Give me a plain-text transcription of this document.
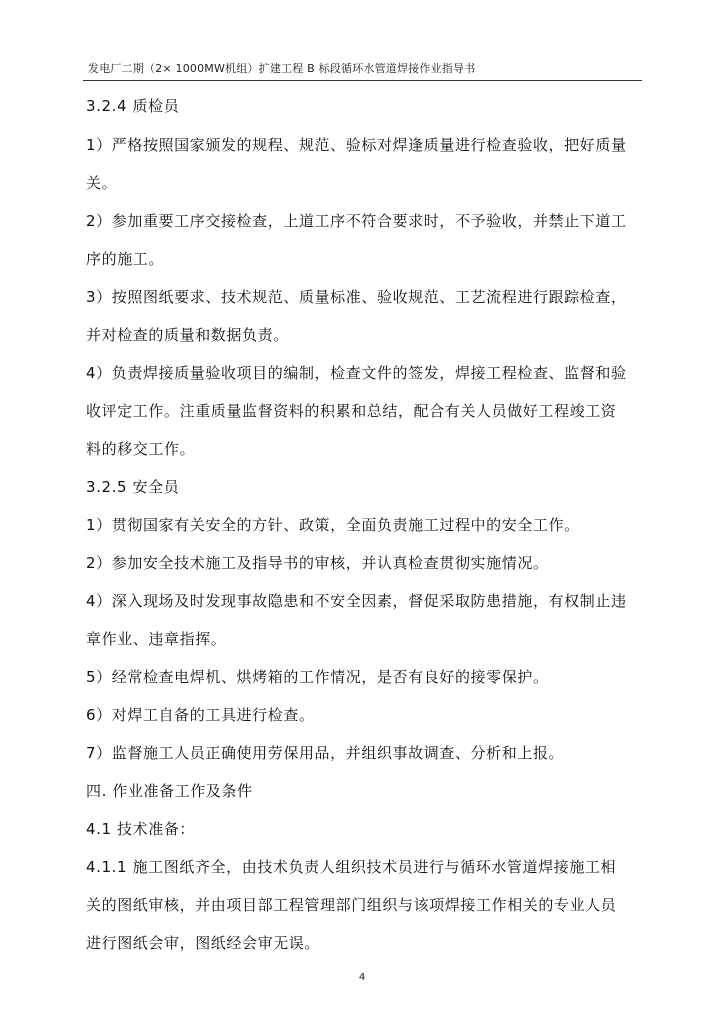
发电厂二期（2× 1000MW机组）扩建工程 B 标段循环水管道焊接作业指导书
3.2.4 质检员
1）严格按照国家颁发的规程、规范、验标对焊逢质量进行检查验收，把好质量
关。
2）参加重要工序交接检查，上道工序不符合要求时，不予验收，并禁止下道工
序的施工。
3）按照图纸要求、技术规范、质量标准、验收规范、工艺流程进行跟踪检查，
并对检查的质量和数据负责。
4）负责焊接质量验收项目的编制，检查文件的签发，焊接工程检查、监督和验
收评定工作。注重质量监督资料的积累和总结，配合有关人员做好工程竣工资
料的移交工作。
3.2.5 安全员
1）贯彻国家有关安全的方针、政策，全面负责施工过程中的安全工作。
2）参加安全技术施工及指导书的审核，并认真检查贯彻实施情况。
4）深入现场及时发现事故隐患和不安全因素，督促采取防患措施，有权制止违
章作业、违章指挥。
5）经常检查电焊机、烘烤箱的工作情况，是否有良好的接零保护。
6）对焊工自备的工具进行检查。
7）监督施工人员正确使用劳保用品，并组织事故调查、分析和上报。
四. 作业准备工作及条件
4.1 技术准备：
4.1.1 施工图纸齐全，由技术负责人组织技术员进行与循环水管道焊接施工相
关的图纸审核，并由项目部工程管理部门组织与该项焊接工作相关的专业人员
进行图纸会审，图纸经会审无误。
4
